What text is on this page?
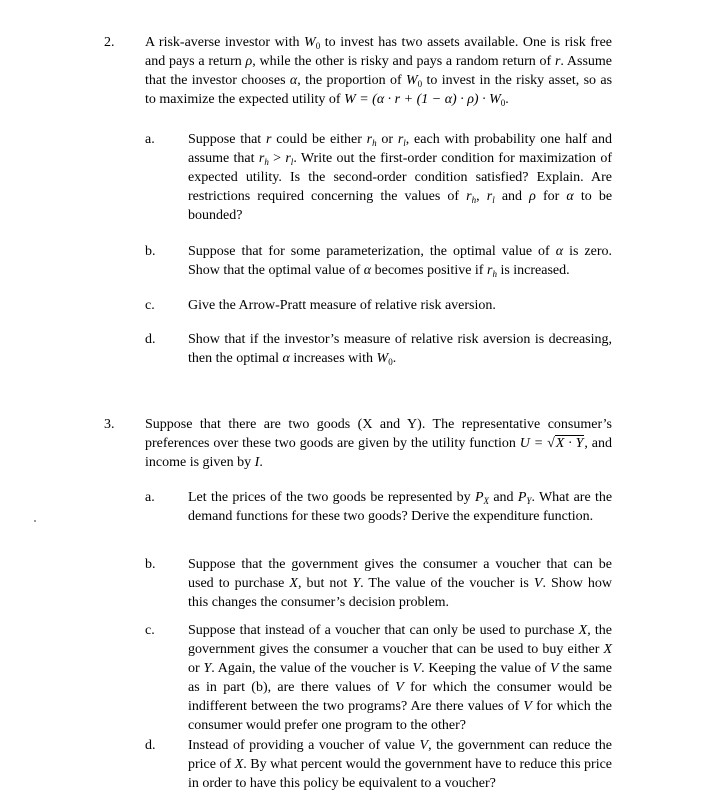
2. A risk-averse investor with $W_0$ to invest has two assets available. One is risk free and pays a return ρ, while the other is risky and pays a random return of r. Assume that the investor chooses α, the proportion of $W_0$ to invest in the risky asset, so as to maximize the expected utility of $W = (\alpha \cdot r + (1 - \alpha) \cdot \rho) \cdot W_0$.
a. Suppose that r could be either $r_h$ or $r_l$, each with probability one half and assume that $r_h > r_l$. Write out the first-order condition for maximization of expected utility. Is the second-order condition satisfied? Explain. Are restrictions required concerning the values of $r_h$, $r_l$ and ρ for α to be bounded?
b. Suppose that for some parameterization, the optimal value of α is zero. Show that the optimal value of α becomes positive if $r_h$ is increased.
c. Give the Arrow-Pratt measure of relative risk aversion.
d. Show that if the investor’s measure of relative risk aversion is decreasing, then the optimal α increases with $W_0$.
3. Suppose that there are two goods (X and Y). The representative consumer’s preferences over these two goods are given by the utility function U = √X · Y, and income is given by I.
a. Let the prices of the two goods be represented by $P_X$ and $P_Y$. What are the demand functions for these two goods? Derive the expenditure function.
b. Suppose that the government gives the consumer a voucher that can be used to purchase X, but not Y. The value of the voucher is V. Show how this changes the consumer’s decision problem.
c. Suppose that instead of a voucher that can only be used to purchase X, the government gives the consumer a voucher that can be used to buy either X or Y. Again, the value of the voucher is V. Keeping the value of V the same as in part (b), are there values of V for which the consumer would be indifferent between the two programs? Are there values of V for which the consumer would prefer one program to the other?
d. Instead of providing a voucher of value V, the government can reduce the price of X. By what percent would the government have to reduce this price in order to have this policy be equivalent to a voucher?
